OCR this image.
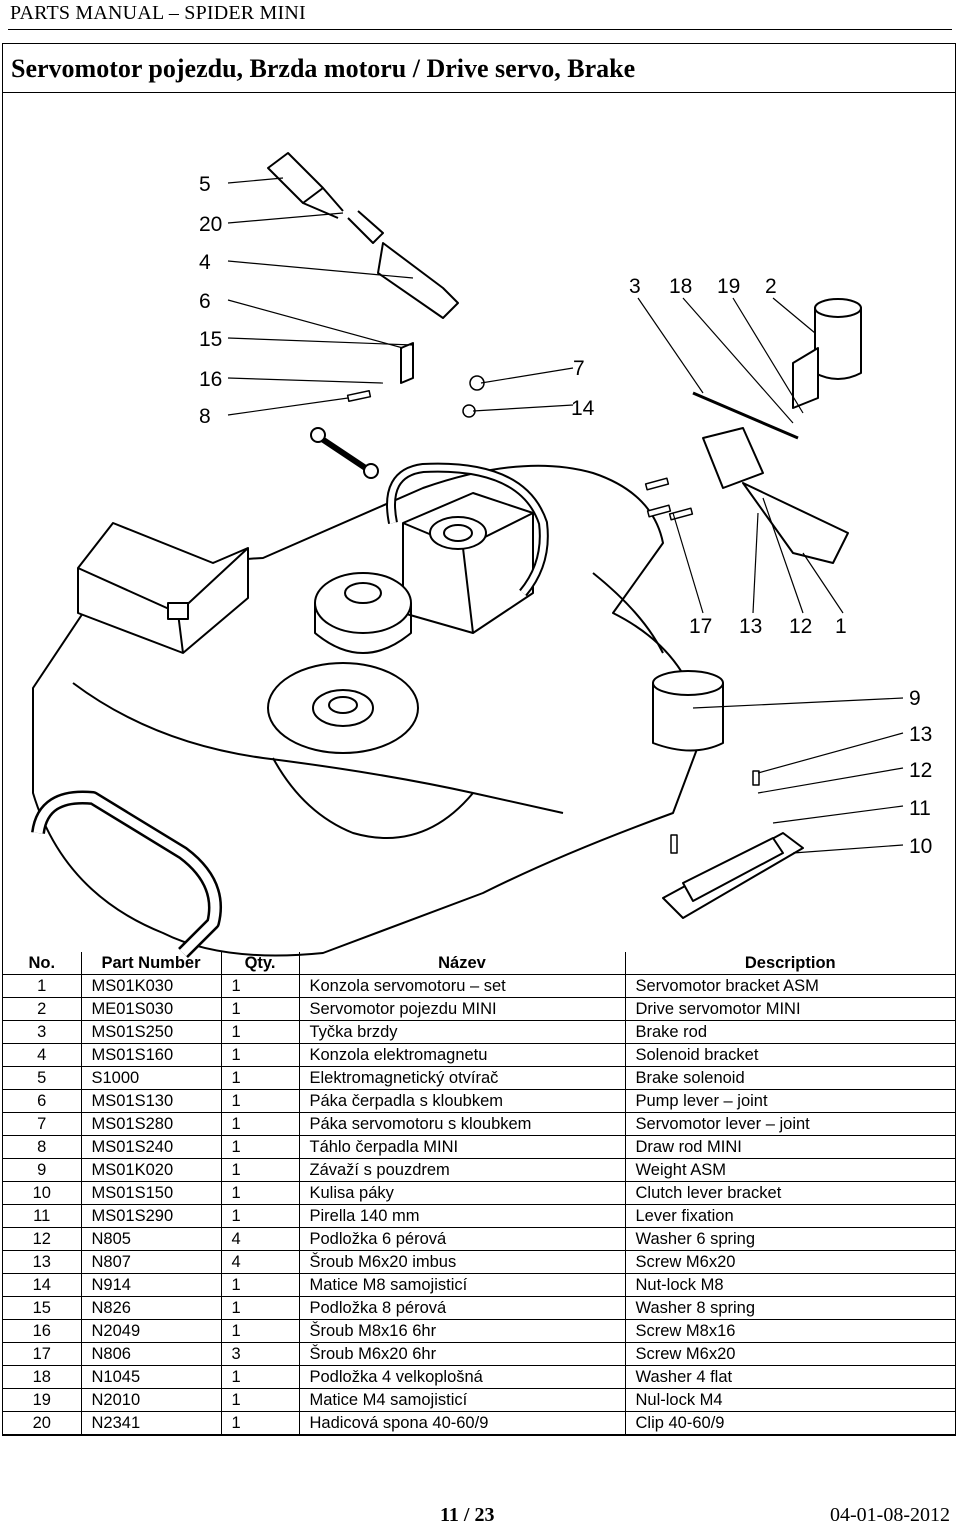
PARTS MANUAL – SPIDER MINI
Servomotor pojezdu, Brzda motoru / Drive servo, Brake
5
20
4
6
15
16
8
7
14
3 18 19 2
17 13 12 1
9
13
12
11
10
No.	Part Number	Qty.	Název	Description
1	MS01K030	1	Konzola servomotoru – set	Servomotor bracket ASM
2	ME01S030	1	Servomotor pojezdu MINI	Drive servomotor MINI
3	MS01S250	1	Tyčka brzdy	Brake rod
4	MS01S160	1	Konzola elektromagnetu	Solenoid bracket
5	S1000	1	Elektromagnetický otvírač	Brake solenoid
6	MS01S130	1	Páka čerpadla s kloubkem	Pump lever – joint
7	MS01S280	1	Páka servomotoru s kloubkem	Servomotor lever – joint
8	MS01S240	1	Táhlo čerpadla MINI	Draw rod MINI
9	MS01K020	1	Závaží s pouzdrem	Weight ASM
10	MS01S150	1	Kulisa páky	Clutch lever bracket
11	MS01S290	1	Pirella 140 mm	Lever fixation
12	N805	4	Podložka 6 pérová	Washer 6 spring
13	N807	4	Šroub M6x20 imbus	Screw M6x20
14	N914	1	Matice M8 samojisticí	Nut-lock M8
15	N826	1	Podložka 8 pérová	Washer 8 spring
16	N2049	1	Šroub M8x16 6hr	Screw M8x16
17	N806	3	Šroub M6x20 6hr	Screw M6x20
18	N1045	1	Podložka 4 velkoplošná	Washer 4 flat
19	N2010	1	Matice M4 samojisticí	Nul-lock M4
20	N2341	1	Hadicová spona 40-60/9	Clip 40-60/9
11 / 23	04-01-08-2012
